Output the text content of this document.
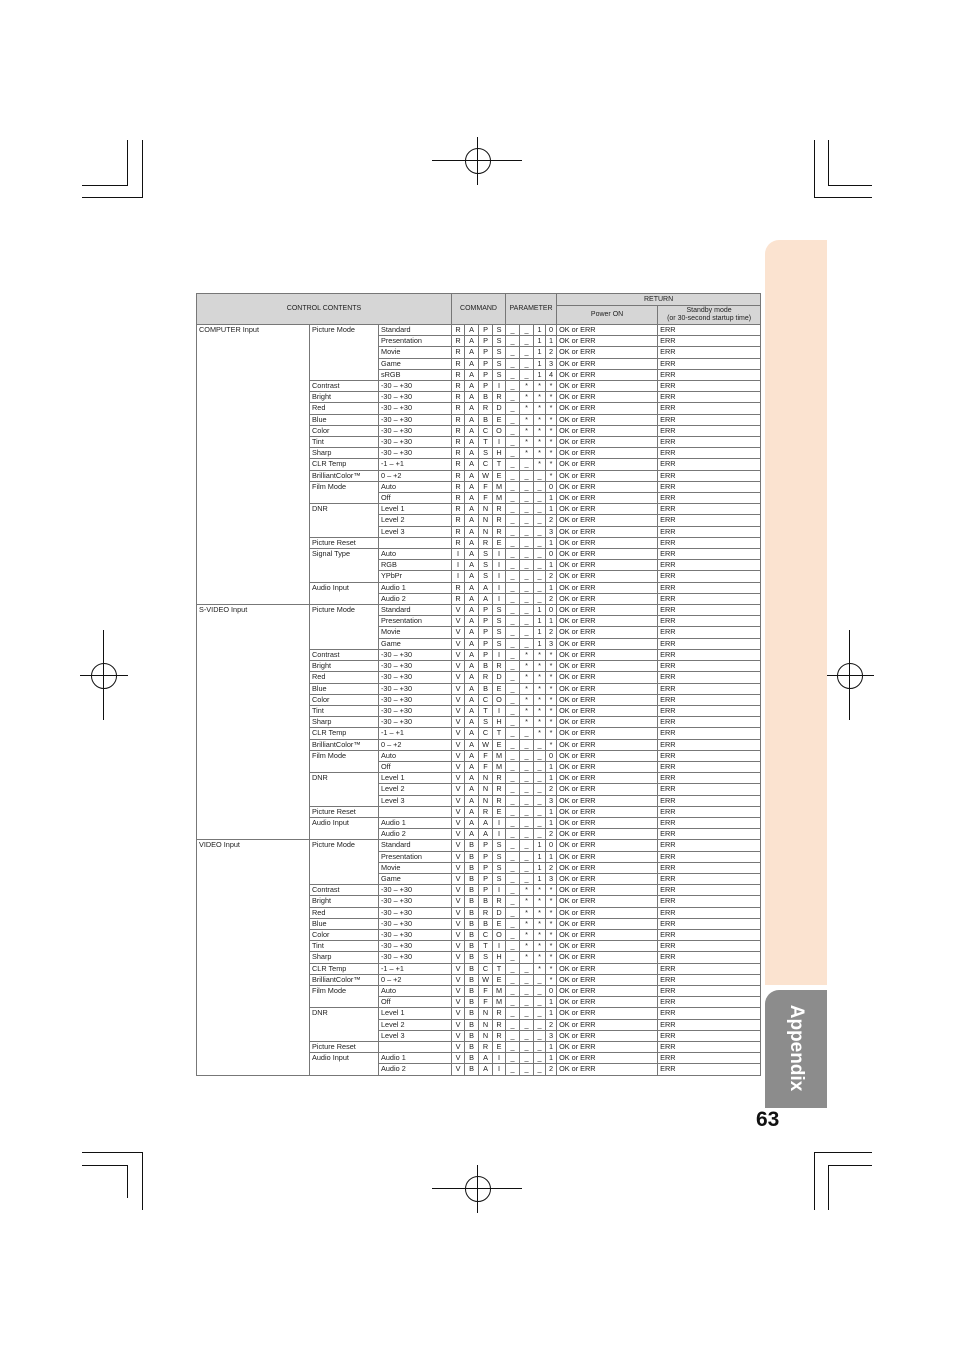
Appendix
63
CONTROL CONTENTS			COMMAND				PARAMETER				RETURN	
											Power ON	Standby mode
(or 30-second startup time)
COMPUTER Input	Picture Mode	Standard	R	A	P	S	_	_	1	0	OK or ERR	ERR
		Presentation	R	A	P	S	_	_	1	1	OK or ERR	ERR
		Movie	R	A	P	S	_	_	1	2	OK or ERR	ERR
		Game	R	A	P	S	_	_	1	3	OK or ERR	ERR
		sRGB	R	A	P	S	_	_	1	4	OK or ERR	ERR
	Contrast	-30 – +30	R	A	P	I	_	*	*	*	OK or ERR	ERR
	Bright	-30 – +30	R	A	B	R	_	*	*	*	OK or ERR	ERR
	Red	-30 – +30	R	A	R	D	_	*	*	*	OK or ERR	ERR
	Blue	-30 – +30	R	A	B	E	_	*	*	*	OK or ERR	ERR
	Color	-30 – +30	R	A	C	O	_	*	*	*	OK or ERR	ERR
	Tint	-30 – +30	R	A	T	I	_	*	*	*	OK or ERR	ERR
	Sharp	-30 – +30	R	A	S	H	_	*	*	*	OK or ERR	ERR
	CLR Temp	-1 – +1	R	A	C	T	_	_	*	*	OK or ERR	ERR
	BrilliantColor™	0 – +2	R	A	W	E	_	_	_	*	OK or ERR	ERR
	Film Mode	Auto	R	A	F	M	_	_	_	0	OK or ERR	ERR
		Off	R	A	F	M	_	_	_	1	OK or ERR	ERR
	DNR	Level 1	R	A	N	R	_	_	_	1	OK or ERR	ERR
		Level 2	R	A	N	R	_	_	_	2	OK or ERR	ERR
		Level 3	R	A	N	R	_	_	_	3	OK or ERR	ERR
	Picture Reset		R	A	R	E	_	_	_	1	OK or ERR	ERR
	Signal Type	Auto	I	A	S	I	_	_	_	0	OK or ERR	ERR
		RGB	I	A	S	I	_	_	_	1	OK or ERR	ERR
		YPbPr	I	A	S	I	_	_	_	2	OK or ERR	ERR
	Audio Input	Audio 1	R	A	A	I	_	_	_	1	OK or ERR	ERR
		Audio 2	R	A	A	I	_	_	_	2	OK or ERR	ERR
S-VIDEO Input	Picture Mode	Standard	V	A	P	S	_	_	1	0	OK or ERR	ERR
		Presentation	V	A	P	S	_	_	1	1	OK or ERR	ERR
		Movie	V	A	P	S	_	_	1	2	OK or ERR	ERR
		Game	V	A	P	S	_	_	1	3	OK or ERR	ERR
	Contrast	-30 – +30	V	A	P	I	_	*	*	*	OK or ERR	ERR
	Bright	-30 – +30	V	A	B	R	_	*	*	*	OK or ERR	ERR
	Red	-30 – +30	V	A	R	D	_	*	*	*	OK or ERR	ERR
	Blue	-30 – +30	V	A	B	E	_	*	*	*	OK or ERR	ERR
	Color	-30 – +30	V	A	C	O	_	*	*	*	OK or ERR	ERR
	Tint	-30 – +30	V	A	T	I	_	*	*	*	OK or ERR	ERR
	Sharp	-30 – +30	V	A	S	H	_	*	*	*	OK or ERR	ERR
	CLR Temp	-1 – +1	V	A	C	T	_	_	*	*	OK or ERR	ERR
	BrilliantColor™	0 – +2	V	A	W	E	_	_	_	*	OK or ERR	ERR
	Film Mode	Auto	V	A	F	M	_	_	_	0	OK or ERR	ERR
		Off	V	A	F	M	_	_	_	1	OK or ERR	ERR
	DNR	Level 1	V	A	N	R	_	_	_	1	OK or ERR	ERR
		Level 2	V	A	N	R	_	_	_	2	OK or ERR	ERR
		Level 3	V	A	N	R	_	_	_	3	OK or ERR	ERR
	Picture Reset		V	A	R	E	_	_	_	1	OK or ERR	ERR
	Audio Input	Audio 1	V	A	A	I	_	_	_	1	OK or ERR	ERR
		Audio 2	V	A	A	I	_	_	_	2	OK or ERR	ERR
VIDEO Input	Picture Mode	Standard	V	B	P	S	_	_	1	0	OK or ERR	ERR
		Presentation	V	B	P	S	_	_	1	1	OK or ERR	ERR
		Movie	V	B	P	S	_	_	1	2	OK or ERR	ERR
		Game	V	B	P	S	_	_	1	3	OK or ERR	ERR
	Contrast	-30 – +30	V	B	P	I	_	*	*	*	OK or ERR	ERR
	Bright	-30 – +30	V	B	B	R	_	*	*	*	OK or ERR	ERR
	Red	-30 – +30	V	B	R	D	_	*	*	*	OK or ERR	ERR
	Blue	-30 – +30	V	B	B	E	_	*	*	*	OK or ERR	ERR
	Color	-30 – +30	V	B	C	O	_	*	*	*	OK or ERR	ERR
	Tint	-30 – +30	V	B	T	I	_	*	*	*	OK or ERR	ERR
	Sharp	-30 – +30	V	B	S	H	_	*	*	*	OK or ERR	ERR
	CLR Temp	-1 – +1	V	B	C	T	_	_	*	*	OK or ERR	ERR
	BrilliantColor™	0 – +2	V	B	W	E	_	_	_	*	OK or ERR	ERR
	Film Mode	Auto	V	B	F	M	_	_	_	0	OK or ERR	ERR
		Off	V	B	F	M	_	_	_	1	OK or ERR	ERR
	DNR	Level 1	V	B	N	R	_	_	_	1	OK or ERR	ERR
		Level 2	V	B	N	R	_	_	_	2	OK or ERR	ERR
		Level 3	V	B	N	R	_	_	_	3	OK or ERR	ERR
	Picture Reset		V	B	R	E	_	_	_	1	OK or ERR	ERR
	Audio Input	Audio 1	V	B	A	I	_	_	_	1	OK or ERR	ERR
		Audio 2	V	B	A	I	_	_	_	2	OK or ERR	ERR
